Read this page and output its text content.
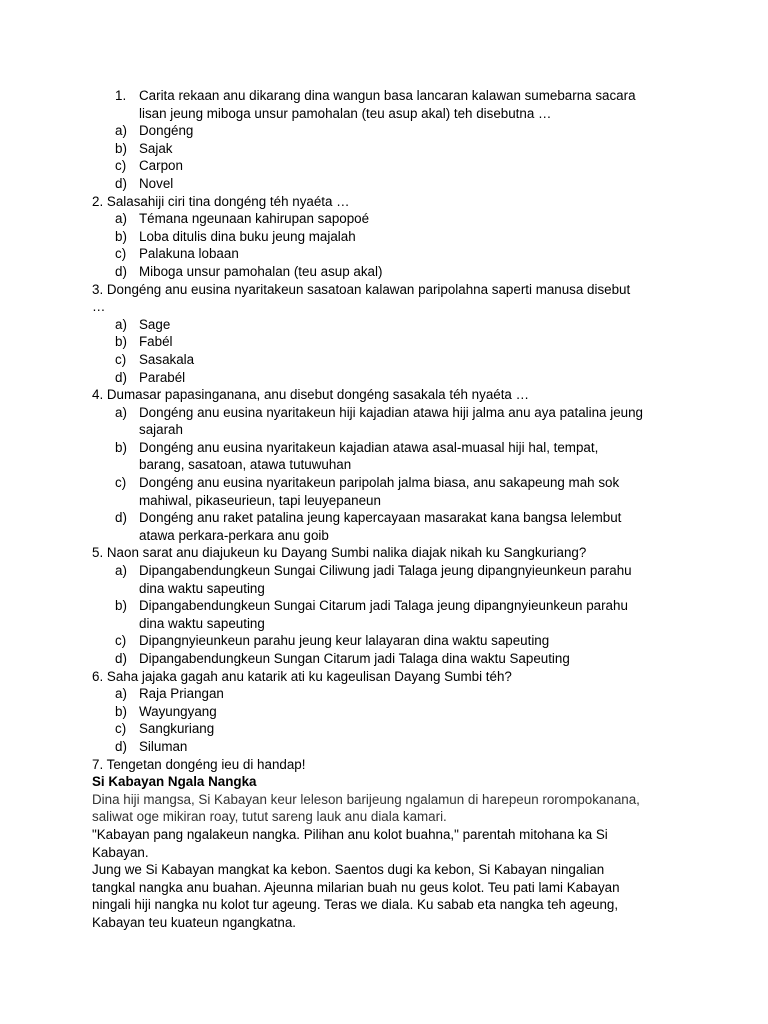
1. Carita rekaan anu dikarang dina wangun basa lancaran kalawan sumebarna sacara
lisan jeung miboga unsur pamohalan (teu asup akal) teh disebutna …
a) Dongéng
b) Sajak
c) Carpon
d) Novel
2. Salasahiji ciri tina dongéng téh nyaéta …
a) Témana ngeunaan kahirupan sapopoé
b) Loba ditulis dina buku jeung majalah
c) Palakuna lobaan
d) Miboga unsur pamohalan (teu asup akal)
3. Dongéng anu eusina nyaritakeun sasatoan kalawan paripolahna saperti manusa disebut
…
a) Sage
b) Fabél
c) Sasakala
d) Parabél
4. Dumasar papasinganana, anu disebut dongéng sasakala téh nyaéta …
a) Dongéng anu eusina nyaritakeun hiji kajadian atawa hiji jalma anu aya patalina jeung
sajarah
b) Dongéng anu eusina nyaritakeun kajadian atawa asal-muasal hiji hal, tempat,
barang, sasatoan, atawa tutuwuhan
c) Dongéng anu eusina nyaritakeun paripolah jalma biasa, anu sakapeung mah sok
mahiwal, pikaseurieun, tapi leuyepaneun
d) Dongéng anu raket patalina jeung kapercayaan masarakat kana bangsa lelembut
atawa perkara-perkara anu goib
5. Naon sarat anu diajukeun ku Dayang Sumbi nalika diajak nikah ku Sangkuriang?
a) Dipangabendungkeun Sungai Ciliwung jadi Talaga jeung dipangnyieunkeun parahu
dina waktu sapeuting
b) Dipangabendungkeun Sungai Citarum jadi Talaga jeung dipangnyieunkeun parahu
dina waktu sapeuting
c) Dipangnyieunkeun parahu jeung keur lalayaran dina waktu sapeuting
d) Dipangabendungkeun Sungan Citarum jadi Talaga dina waktu Sapeuting
6. Saha jajaka gagah anu katarik ati ku kageulisan Dayang Sumbi téh?
a) Raja Priangan
b) Wayungyang
c) Sangkuriang
d) Siluman
7. Tengetan dongéng ieu di handap!
Si Kabayan Ngala Nangka
Dina hiji mangsa, Si Kabayan keur leleson barijeung ngalamun di harepeun rorompokanana,
saliwat oge mikiran roay, tutut sareng lauk anu diala kamari.
"Kabayan pang ngalakeun nangka. Pilihan anu kolot buahna," parentah mitohana ka Si
Kabayan.
Jung we Si Kabayan mangkat ka kebon. Saentos dugi ka kebon, Si Kabayan ningalian
tangkal nangka anu buahan. Ajeunna milarian buah nu geus kolot. Teu pati lami Kabayan
ningali hiji nangka nu kolot tur ageung. Teras we diala. Ku sabab eta nangka teh ageung,
Kabayan teu kuateun ngangkatna.
